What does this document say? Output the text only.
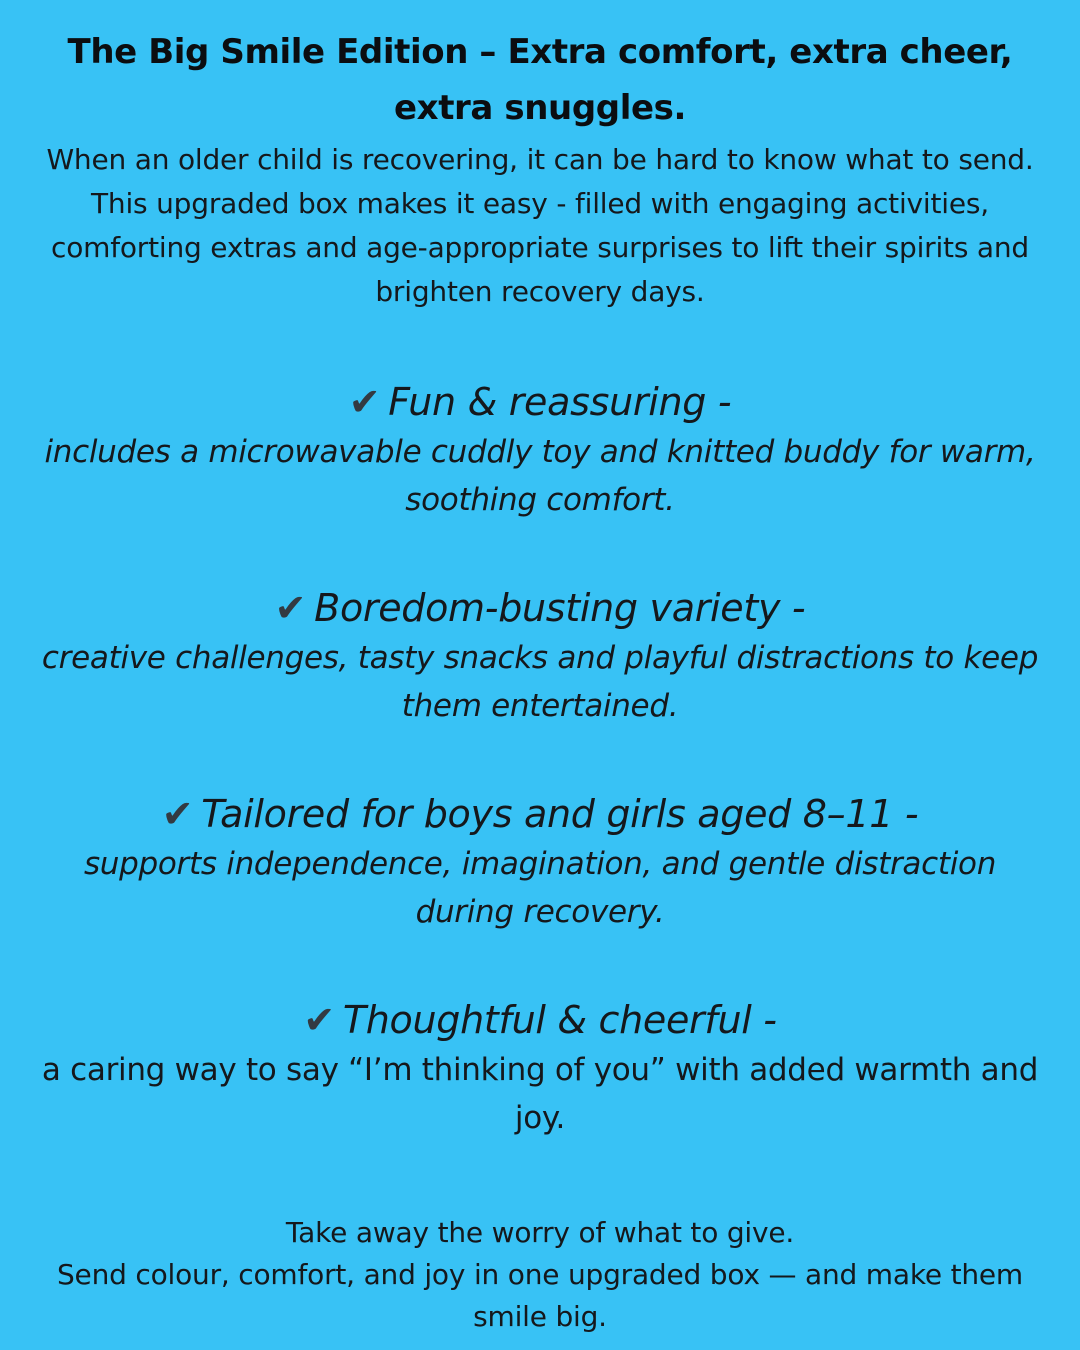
The Big Smile Edition – Extra comfort, extra cheer, extra snuggles.

When an older child is recovering, it can be hard to know what to send. This upgraded box makes it easy - filled with engaging activities, comforting extras and age-appropriate surprises to lift their spirits and brighten recovery days.

✔ Fun & reassuring -
includes a microwavable cuddly toy and knitted buddy for warm, soothing comfort.
✔ Boredom-busting variety -
creative challenges, tasty snacks and playful distractions to keep them entertained.
✔ Tailored for boys and girls aged 8–11 -
supports independence, imagination, and gentle distraction during recovery.
✔ Thoughtful & cheerful -
a caring way to say “I’m thinking of you” with added warmth and joy.

Take away the worry of what to give.
Send colour, comfort, and joy in one upgraded box — and make them smile big.
